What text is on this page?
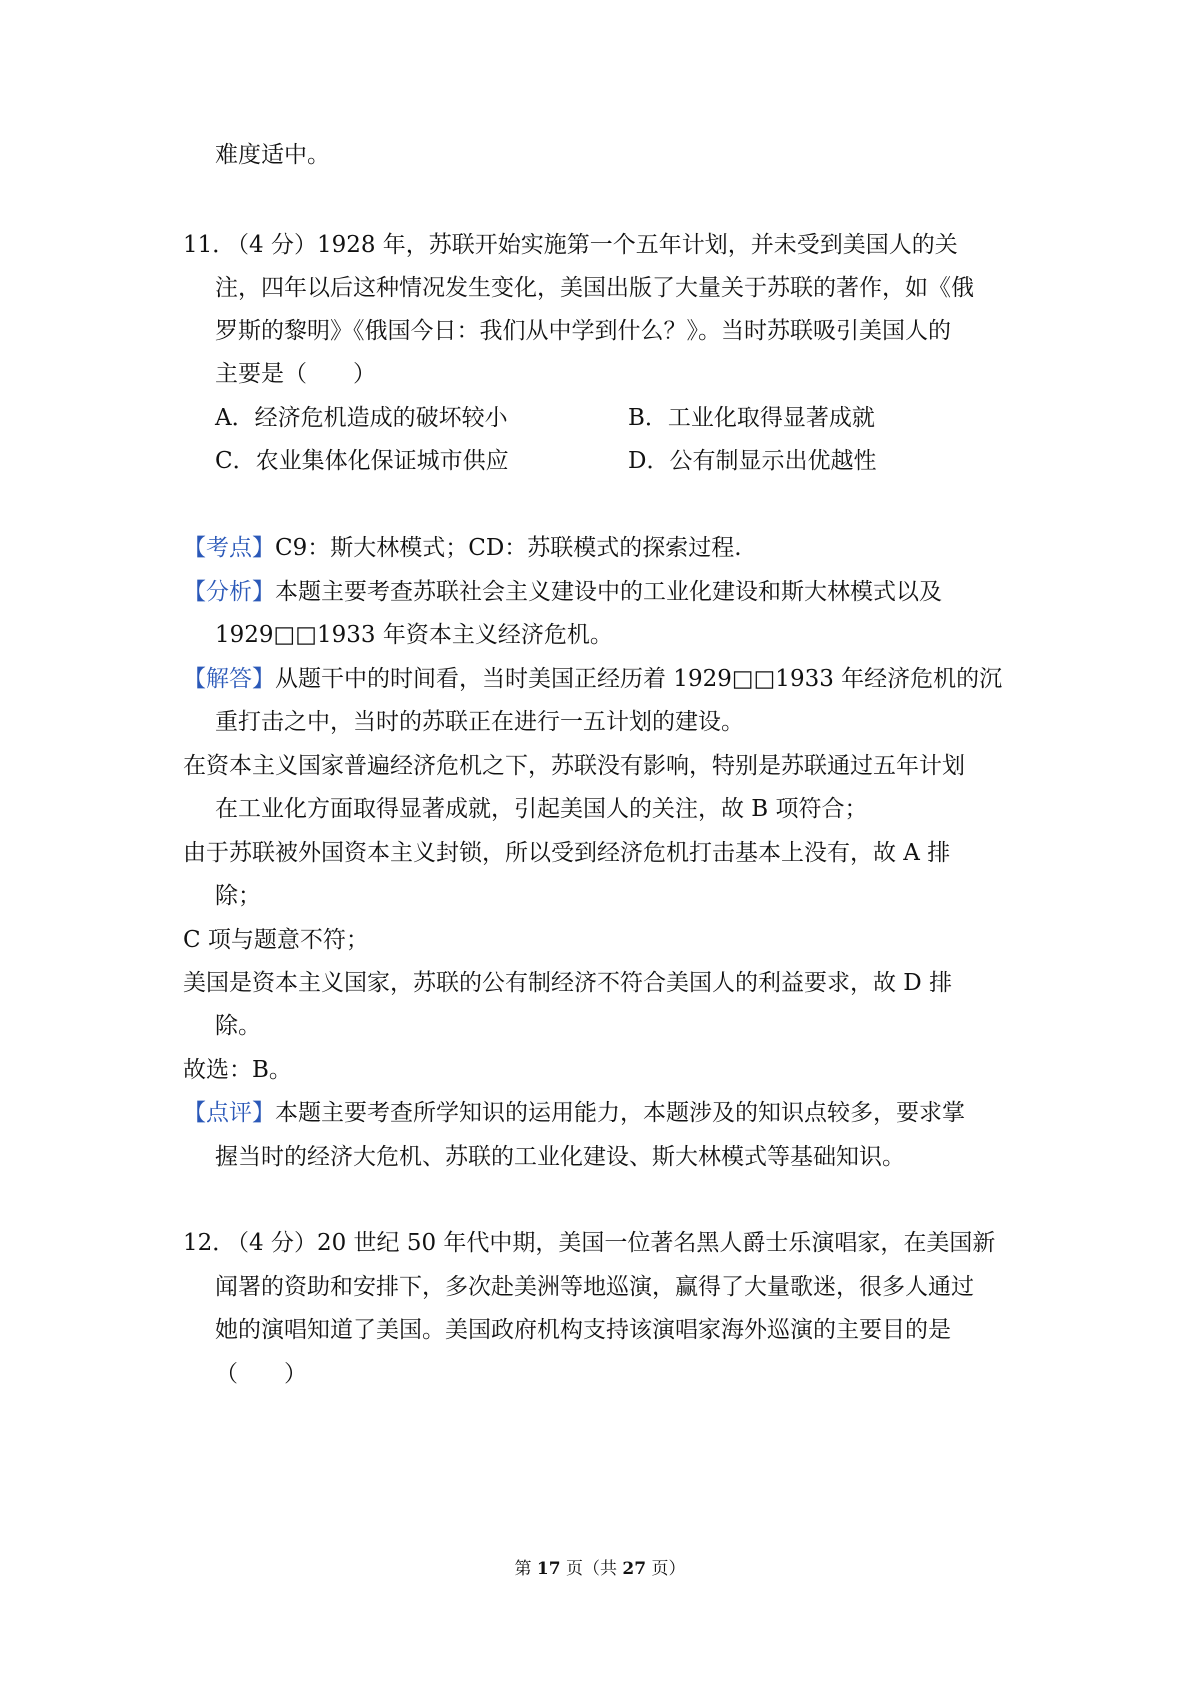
难度适中。
11．
（4 分）1928 年，苏联开始实施第一个五年计划，并未受到美国人的关
注，四年以后这种情况发生变化，美国出版了大量关于苏联的著作，如《俄
罗斯的黎明》《俄国今日：我们从中学到什么？》。当时苏联吸引美国人的
主要是（　　）
A．经济危机造成的破坏较小	B．工业化取得显著成就
C．农业集体化保证城市供应	D．公有制显示出优越性
【考点】C9：斯大林模式；CD：苏联模式的探索过程.
【分析】本题主要考查苏联社会主义建设中的工业化建设和斯大林模式以及
1929□□1933 年资本主义经济危机。
【解答】从题干中的时间看，当时美国正经历着 1929□□1933 年经济危机的沉
重打击之中，当时的苏联正在进行一五计划的建设。
在资本主义国家普遍经济危机之下，苏联没有影响，特别是苏联通过五年计划
在工业化方面取得显著成就，引起美国人的关注，故 B 项符合；
由于苏联被外国资本主义封锁，所以受到经济危机打击基本上没有，故 A 排
除；
C 项与题意不符；
美国是资本主义国家，苏联的公有制经济不符合美国人的利益要求，故 D 排
除。
故选：B。
【点评】本题主要考查所学知识的运用能力，本题涉及的知识点较多，要求掌
握当时的经济大危机、苏联的工业化建设、斯大林模式等基础知识。
12．
（4 分）20 世纪 50 年代中期，美国一位著名黑人爵士乐演唱家，在美国新
闻署的资助和安排下，多次赴美洲等地巡演，赢得了大量歌迷，很多人通过
她的演唱知道了美国。美国政府机构支持该演唱家海外巡演的主要目的是
（　　）
第 17 页（共 27 页）
